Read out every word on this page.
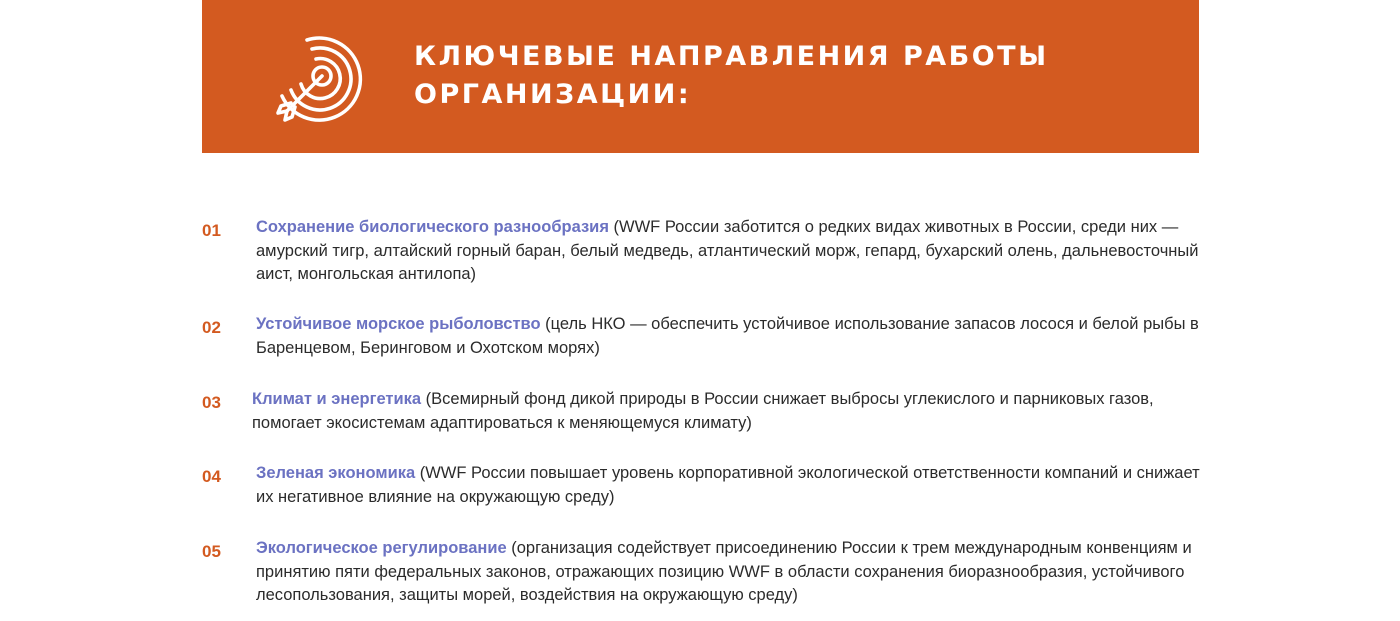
КЛЮЧЕВЫЕ НАПРАВЛЕНИЯ РАБОТЫ
ОРГАНИЗАЦИИ:
01 Сохранение биологического разнообразия (WWF России заботится о редких видах животных в России, среди них — амурский тигр, алтайский горный баран, белый медведь, атлантический морж, гепард, бухарский олень, дальневосточный аист, монгольская антилопа)

02 Устойчивое морское рыболовство (цель НКО — обеспечить устойчивое использование запасов лосося и белой рыбы в Баренцевом, Беринговом и Охотском морях)

03 Климат и энергетика (Всемирный фонд дикой природы в России снижает выбросы углекислого и парниковых газов, помогает экосистемам адаптироваться к меняющемуся климату)

04 Зеленая экономика (WWF России повышает уровень корпоративной экологической ответственности компаний и снижает их негативное влияние на окружающую среду)

05 Экологическое регулирование (организация содействует присоединению России к трем международным конвенциям и принятию пяти федеральных законов, отражающих позицию WWF в области сохранения биоразнообразия, устойчивого лесопользования, защиты морей, воздействия на окружающую среду)
